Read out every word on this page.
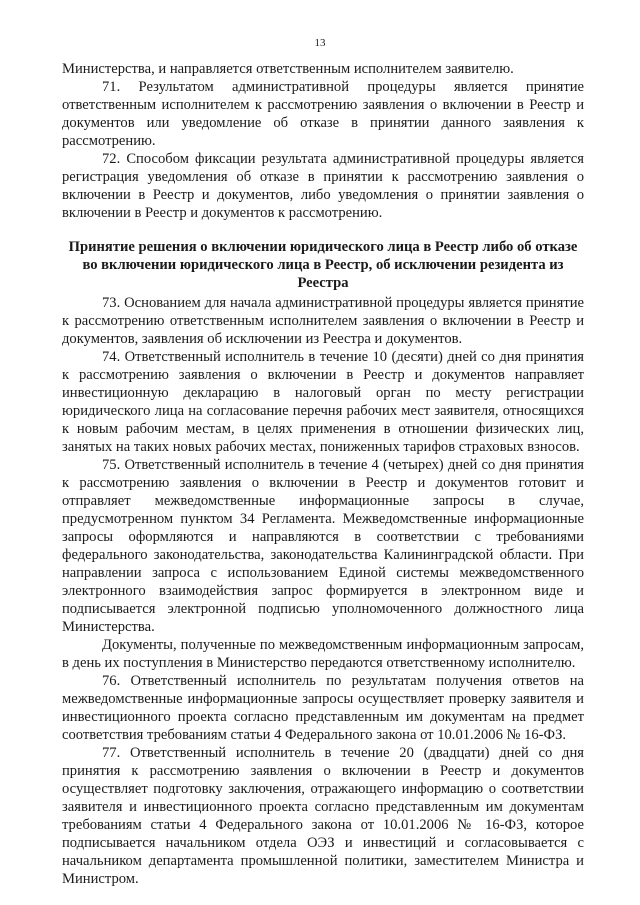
13

Министерства, и направляется ответственным исполнителем заявителю.

71. Результатом административной процедуры является принятие ответственным исполнителем к рассмотрению заявления о включении в Реестр и документов или уведомление об отказе в принятии данного заявления к рассмотрению.

72. Способом фиксации результата административной процедуры является регистрация уведомления об отказе в принятии к рассмотрению заявления о включении в Реестр и документов, либо уведомления о принятии заявления о включении в Реестр и документов к рассмотрению.

Принятие решения о включении юридического лица в Реестр либо об отказе
во включении юридического лица в Реестр, об исключении резидента из Реестра

73. Основанием для начала административной процедуры является принятие к рассмотрению ответственным исполнителем заявления о включении в Реестр и документов, заявления об исключении из Реестра и документов.

74. Ответственный исполнитель в течение 10 (десяти) дней со дня принятия к рассмотрению заявления о включении в Реестр и документов направляет инвестиционную декларацию в налоговый орган по месту регистрации юридического лица на согласование перечня рабочих мест заявителя, относящихся к новым рабочим местам, в целях применения в отношении физических лиц, занятых на таких новых рабочих местах, пониженных тарифов страховых взносов.

75. Ответственный исполнитель в течение 4 (четырех) дней со дня принятия к рассмотрению заявления о включении в Реестр и документов готовит и отправляет межведомственные информационные запросы в случае, предусмотренном пунктом 34 Регламента. Межведомственные информационные запросы оформляются и направляются в соответствии с требованиями федерального законодательства, законодательства Калининградской области. При направлении запроса с использованием Единой системы межведомственного электронного взаимодействия запрос формируется в электронном виде и подписывается электронной подписью уполномоченного должностного лица Министерства.

Документы, полученные по межведомственным информационным запросам, в день их поступления в Министерство передаются ответственному исполнителю.

76. Ответственный исполнитель по результатам получения ответов на межведомственные информационные запросы осуществляет проверку заявителя и инвестиционного проекта согласно представленным им документам на предмет соответствия требованиям статьи 4 Федерального закона от 10.01.2006 № 16-ФЗ.

77. Ответственный исполнитель в течение 20 (двадцати) дней со дня принятия к рассмотрению заявления о включении в Реестр и документов осуществляет подготовку заключения, отражающего информацию о соответствии заявителя и инвестиционного проекта согласно представленным им документам требованиям статьи 4 Федерального закона от 10.01.2006 № 16-ФЗ, которое подписывается начальником отдела ОЭЗ и инвестиций и согласовывается с начальником департамента промышленной политики, заместителем Министра и Министром.
